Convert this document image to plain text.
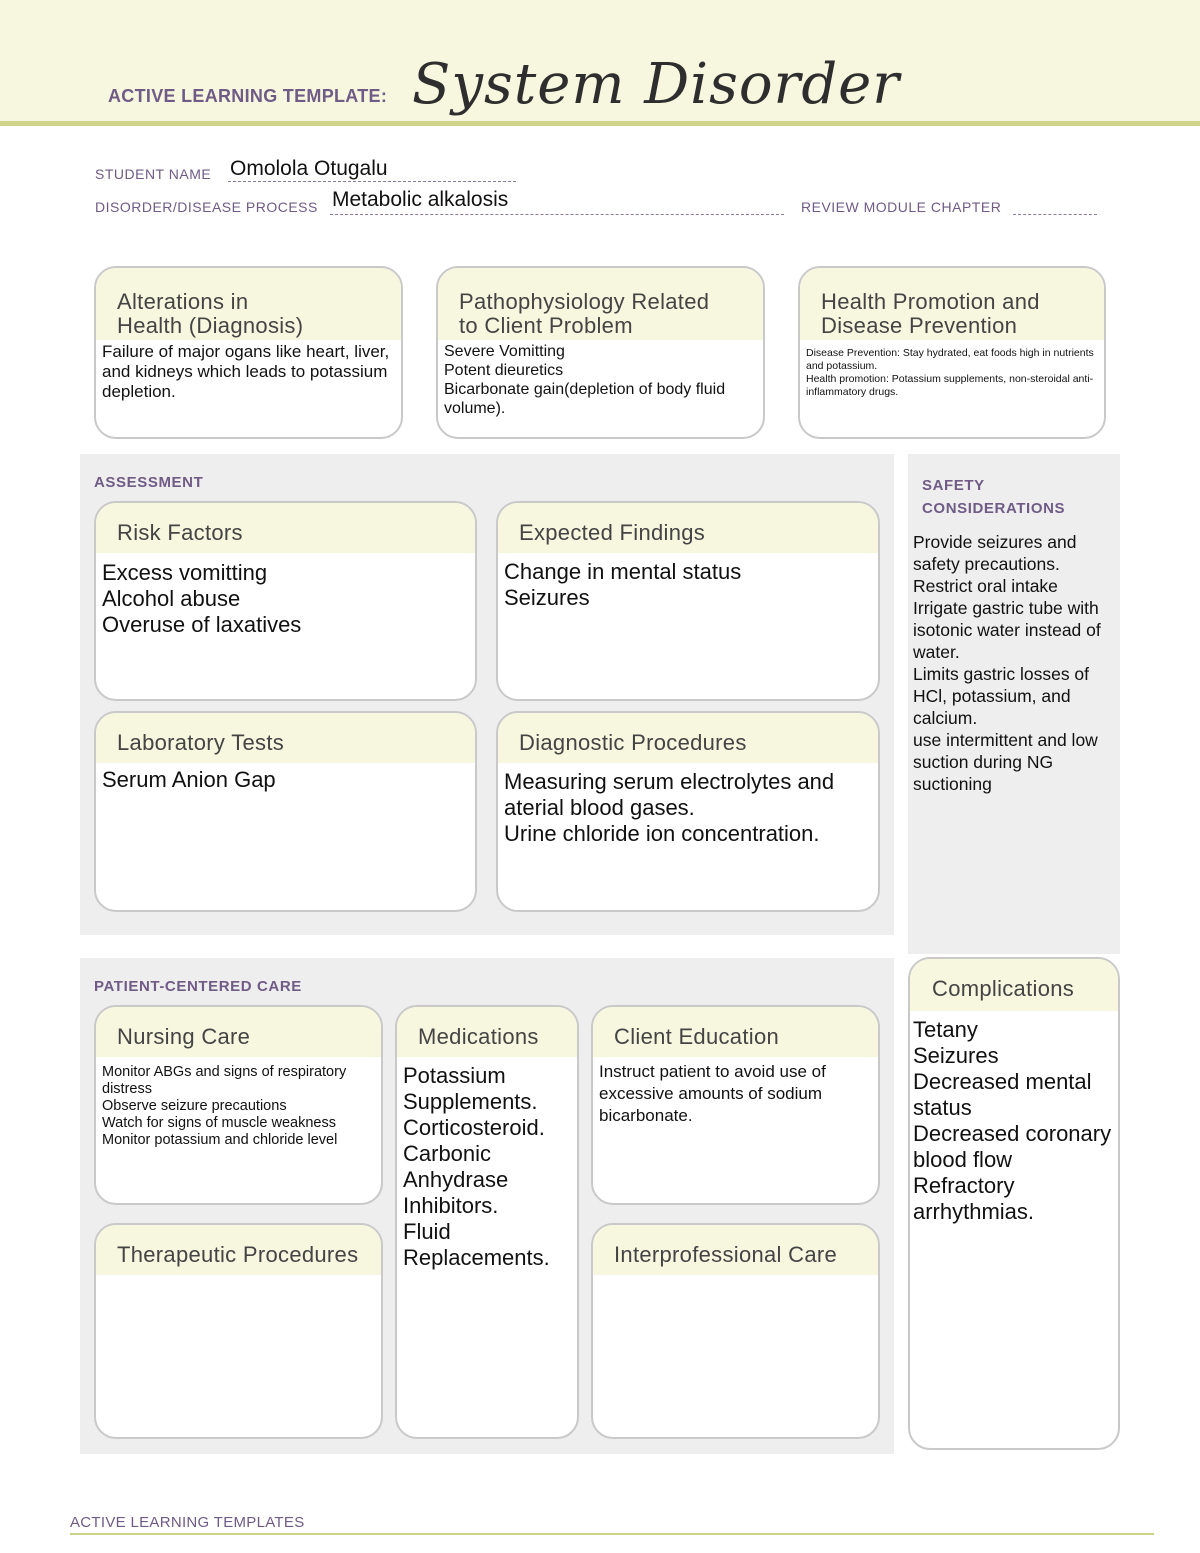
ACTIVE LEARNING TEMPLATE: System Disorder
STUDENT NAME Omolola Otugalu
DISORDER/DISEASE PROCESS Metabolic alkalosis	REVIEW MODULE CHAPTER
Alterations in
Health (Diagnosis)
Failure of major ogans like heart, liver, and kidneys which leads to potassium depletion.
Pathophysiology Related
to Client Problem
Severe Vomitting
Potent dieuretics
Bicarbonate gain(depletion of body fluid volume).
Health Promotion and
Disease Prevention
Disease Prevention: Stay hydrated, eat foods high in nutrients and potassium.
Health promotion: Potassium supplements, non-steroidal anti-inflammatory drugs.
ASSESSMENT
Risk Factors
Excess vomitting
Alcohol abuse
Overuse of laxatives
Expected Findings
Change in mental status
Seizures
Laboratory Tests
Serum Anion Gap
Diagnostic Procedures
Measuring serum electrolytes and aterial blood gases.
Urine chloride ion concentration.
SAFETY
CONSIDERATIONS
Provide seizures and safety precautions.
Restrict oral intake
Irrigate gastric tube with isotonic water instead of water.
Limits gastric losses of HCl, potassium, and calcium.
use intermittent and low suction during NG suctioning
PATIENT-CENTERED CARE
Nursing Care
Monitor ABGs and signs of respiratory distress
Observe seizure precautions
Watch for signs of muscle weakness
Monitor potassium and chloride level
Medications
Potassium Supplements.
Corticosteroid.
Carbonic Anhydrase Inhibitors.
Fluid Replacements.
Client Education
Instruct patient to avoid use of excessive amounts of sodium bicarbonate.
Therapeutic Procedures	Interprofessional Care
Complications
Tetany
Seizures
Decreased mental status
Decreased coronary blood flow
Refractory arrhythmias.
ACTIVE LEARNING TEMPLATES
